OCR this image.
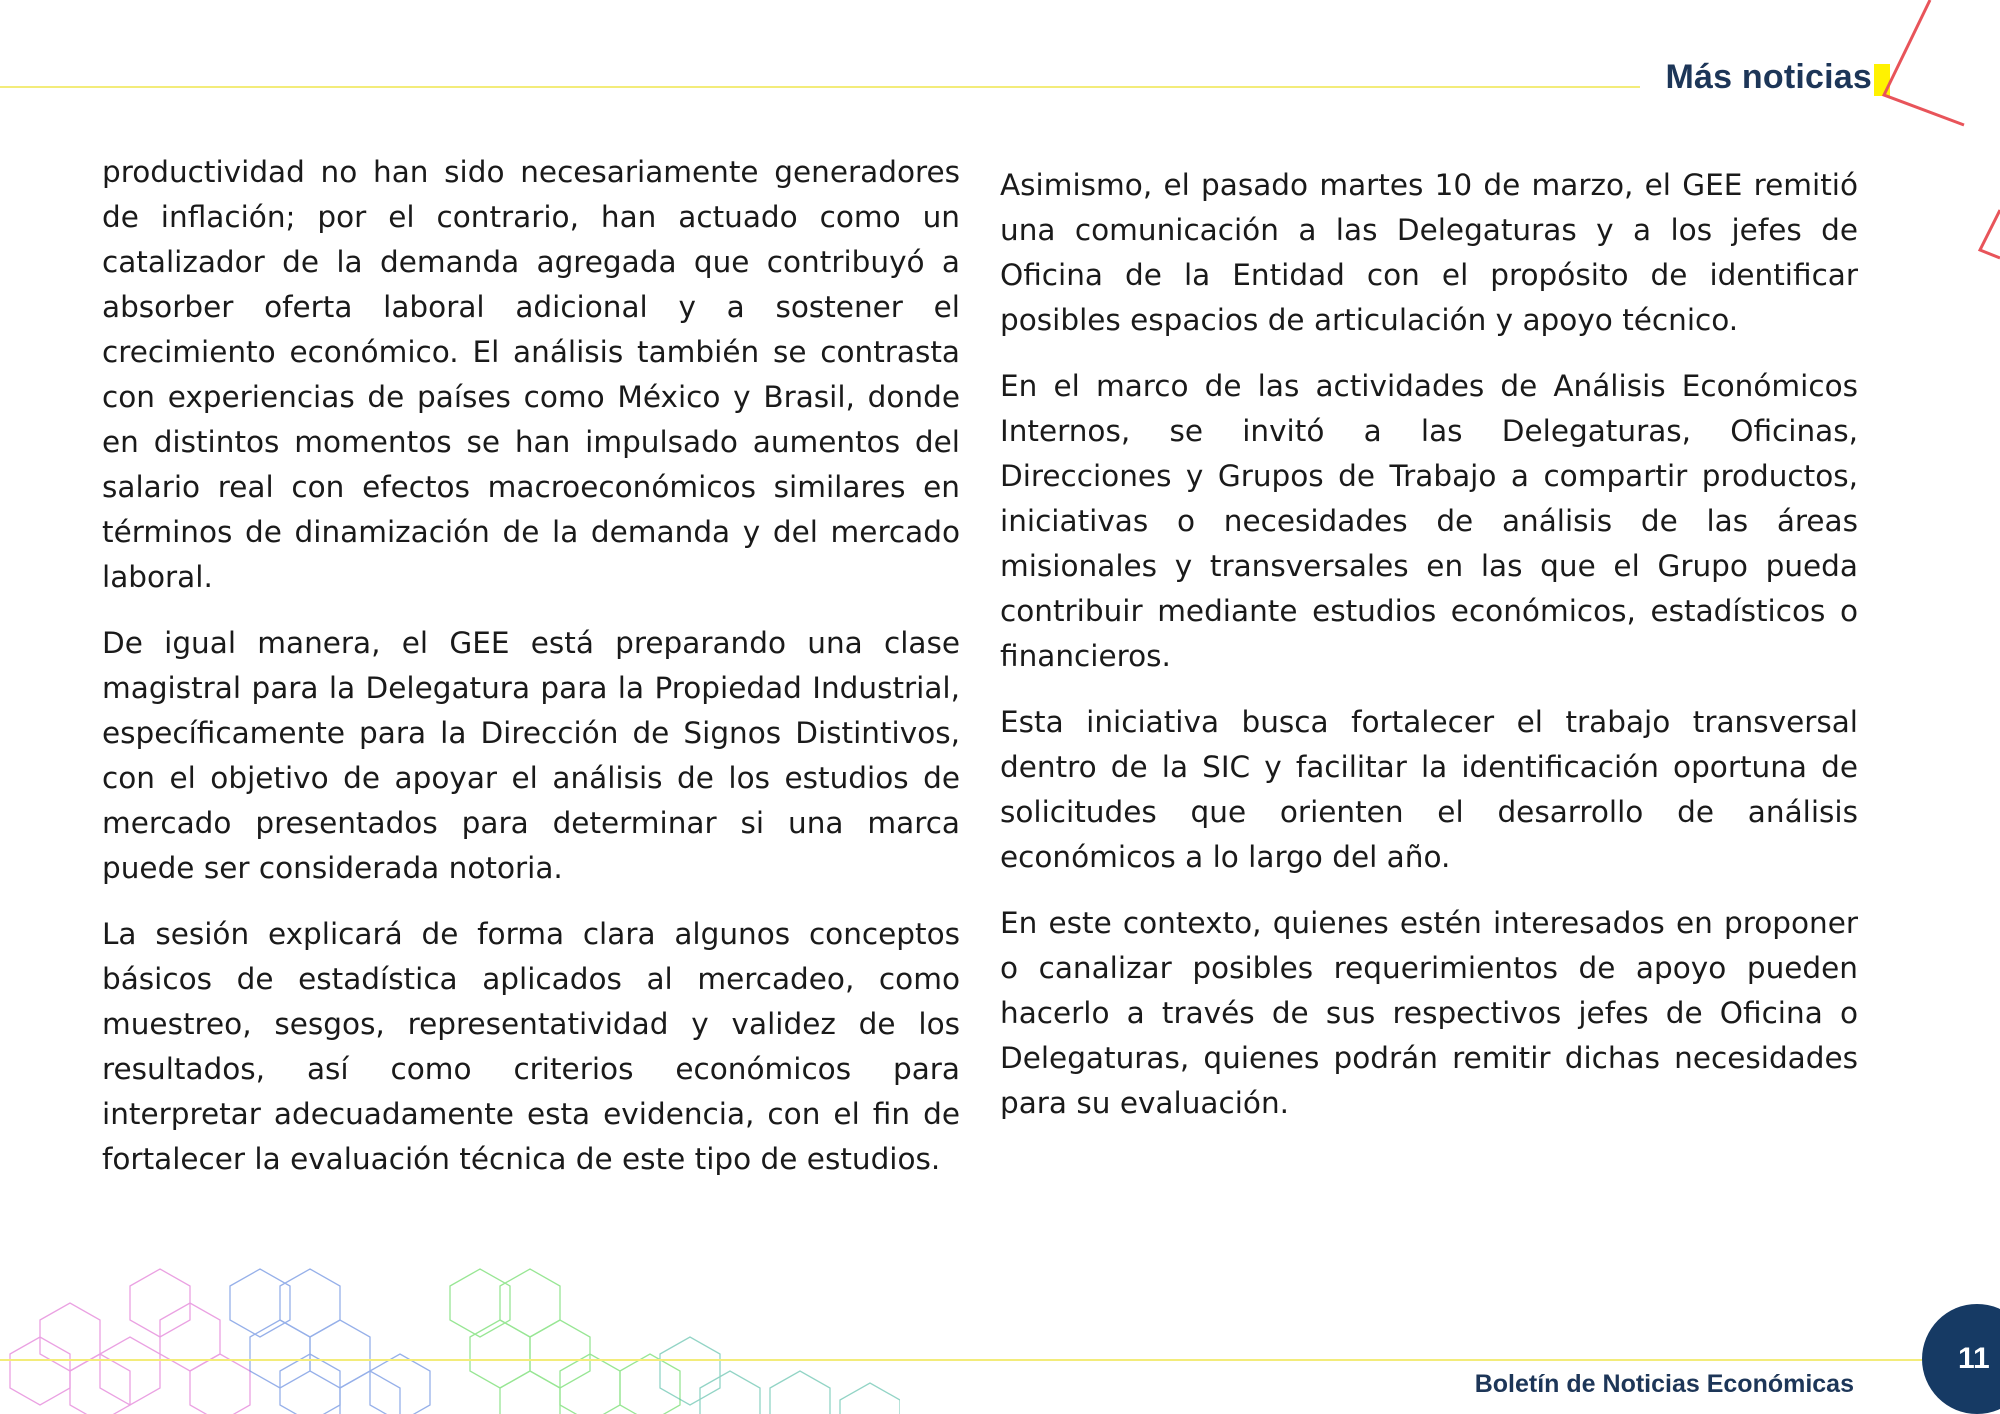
Más noticias

productividad no han sido necesariamente generadores de inflación; por el contrario, han actuado como un catalizador de la demanda agregada que contribuyó a absorber oferta laboral adicional y a sostener el crecimiento económico. El análisis también se contrasta con experiencias de países como México y Brasil, donde en distintos momentos se han impulsado aumentos del salario real con efectos macroeconómicos similares en términos de dinamización de la demanda y del mercado laboral.

De igual manera, el GEE está preparando una clase magistral para la Delegatura para la Propiedad Industrial, específicamente para la Dirección de Signos Distintivos, con el objetivo de apoyar el análisis de los estudios de mercado presentados para determinar si una marca puede ser considerada notoria.

La sesión explicará de forma clara algunos conceptos básicos de estadística aplicados al mercadeo, como muestreo, sesgos, representatividad y validez de los resultados, así como criterios económicos para interpretar adecuadamente esta evidencia, con el fin de fortalecer la evaluación técnica de este tipo de estudios.

Asimismo, el pasado martes 10 de marzo, el GEE remitió una comunicación a las Delegaturas y a los jefes de Oficina de la Entidad con el propósito de identificar posibles espacios de articulación y apoyo técnico.

En el marco de las actividades de Análisis Económicos Internos, se invitó a las Delegaturas, Oficinas, Direcciones y Grupos de Trabajo a compartir productos, iniciativas o necesidades de análisis de las áreas misionales y transversales en las que el Grupo pueda contribuir mediante estudios económicos, estadísticos o financieros.

Esta iniciativa busca fortalecer el trabajo transversal dentro de la SIC y facilitar la identificación oportuna de solicitudes que orienten el desarrollo de análisis económicos a lo largo del año.

En este contexto, quienes estén interesados en proponer o canalizar posibles requerimientos de apoyo pueden hacerlo a través de sus respectivos jefes de Oficina o Delegaturas, quienes podrán remitir dichas necesidades para su evaluación.

Boletín de Noticias Económicas
11
